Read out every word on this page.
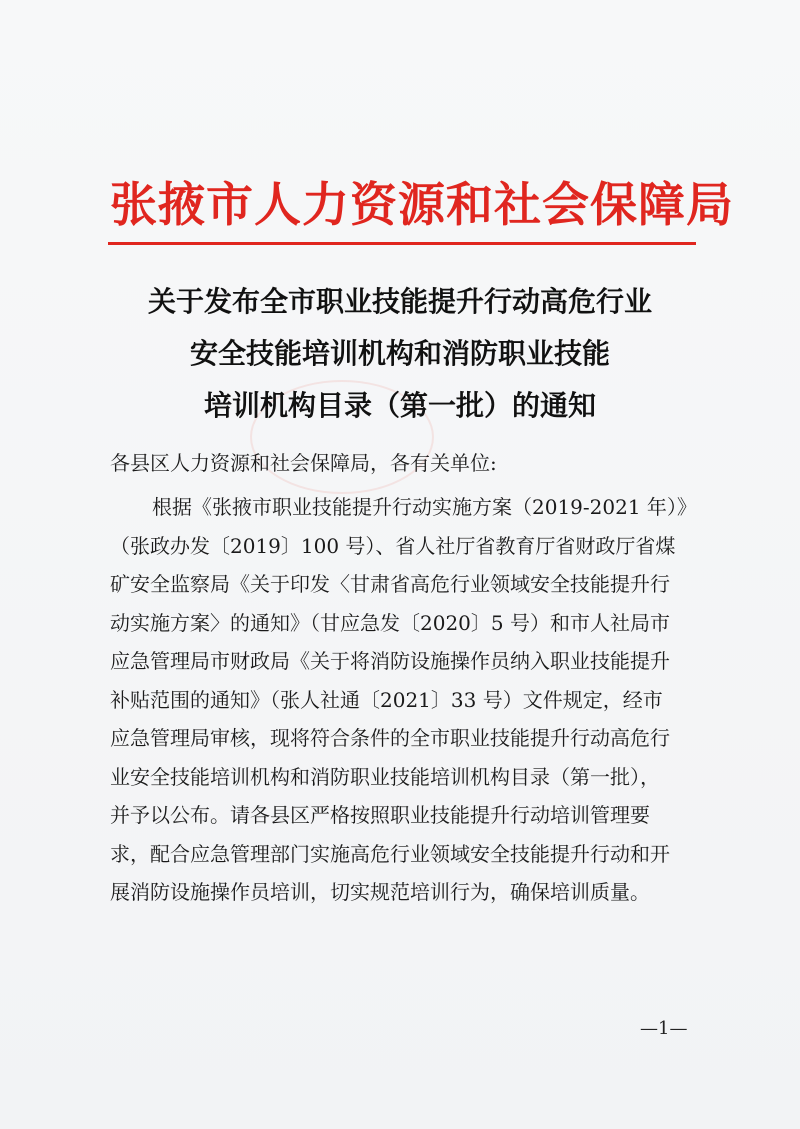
张掖市人力资源和社会保障局
关于发布全市职业技能提升行动高危行业
安全技能培训机构和消防职业技能
培训机构目录（第一批）的通知
各县区人力资源和社会保障局，各有关单位:
根据《张掖市职业技能提升行动实施方案（2019-2021 年）》
（张政办发〔2019〕100 号）、省人社厅省教育厅省财政厅省煤
矿安全监察局《关于印发〈甘肃省高危行业领域安全技能提升行
动实施方案〉的通知》（甘应急发〔2020〕5 号）和市人社局市
应急管理局市财政局《关于将消防设施操作员纳入职业技能提升
补贴范围的通知》（张人社通〔2021〕33 号）文件规定，经市
应急管理局审核，现将符合条件的全市职业技能提升行动高危行
业安全技能培训机构和消防职业技能培训机构目录（第一批），
并予以公布。请各县区严格按照职业技能提升行动培训管理要
求，配合应急管理部门实施高危行业领域安全技能提升行动和开
展消防设施操作员培训，切实规范培训行为，确保培训质量。
—1—
